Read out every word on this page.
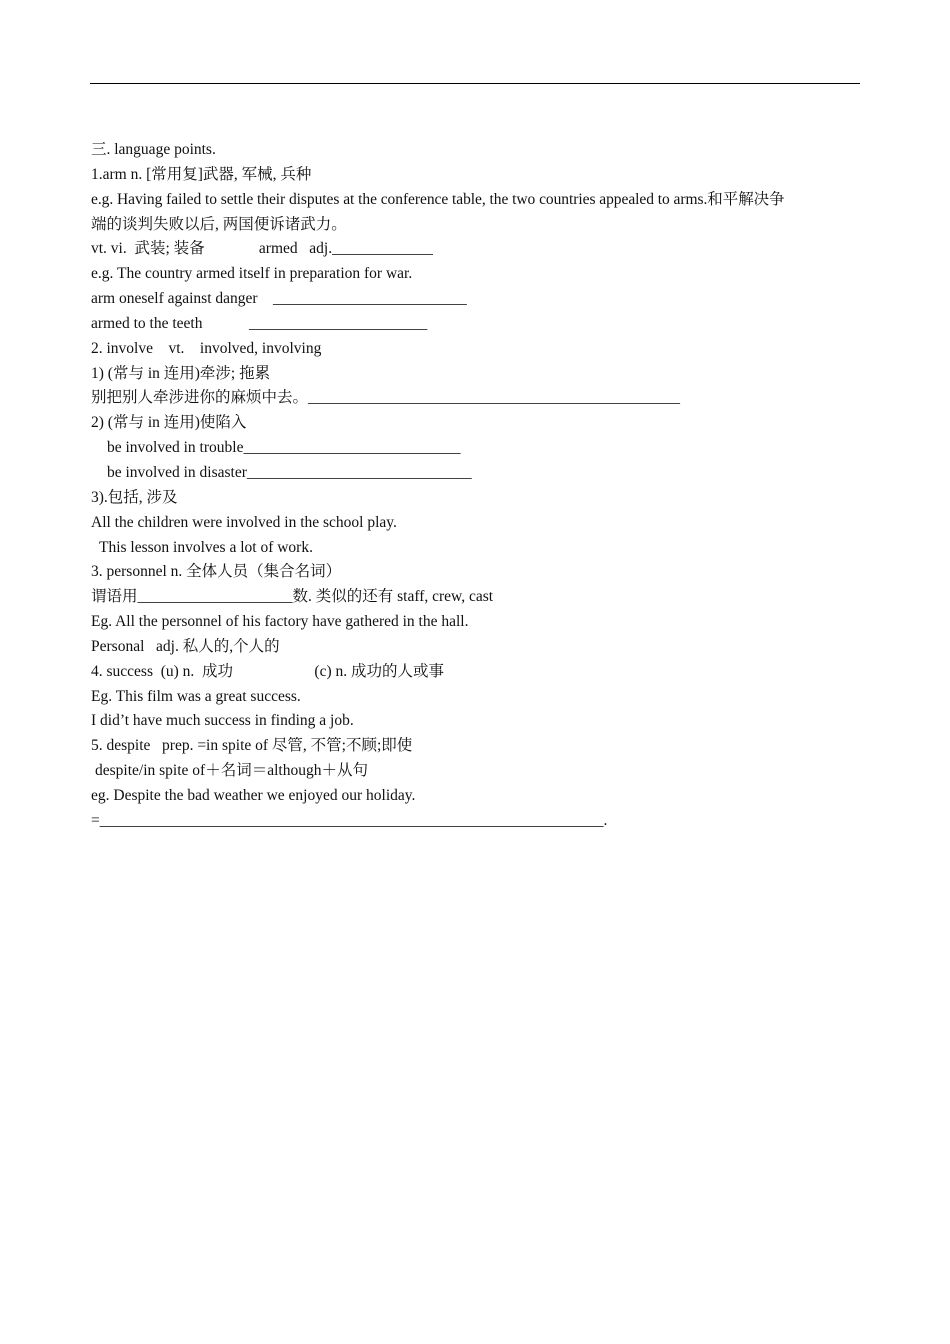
三. language points.
1.arm n. [常用复]武器, 军械, 兵种
e.g. Having failed to settle their disputes at the conference table, the two countries appealed to arms.和平解决争
端的谈判失败以后, 两国便诉诸武力。
vt. vi.  武装; 装备              armed   adj._____________
e.g. The country armed itself in preparation for war.
arm oneself against danger    _________________________
armed to the teeth            _______________________
2. involve    vt.    involved, involving
1) (常与 in 连用)牵涉; 拖累
别把别人牵涉进你的麻烦中去。________________________________________________
2) (常与 in 连用)使陷入
be involved in trouble____________________________
be involved in disaster_____________________________
3).包括, 涉及
All the children were involved in the school play.
This lesson involves a lot of work.
3. personnel n. 全体人员（集合名词）
谓语用____________________数. 类似的还有 staff, crew, cast
Eg. All the personnel of his factory have gathered in the hall.
Personal   adj. 私人的,个人的
4. success  (u) n.  成功                     (c) n. 成功的人或事
Eg. This film was a great success.
I did’t have much success in finding a job.
5. despite   prep. =in spite of 尽管, 不管;不顾;即使
despite/in spite of＋名词＝although＋从句
eg. Despite the bad weather we enjoyed our holiday.
=_________________________________________________________________.
